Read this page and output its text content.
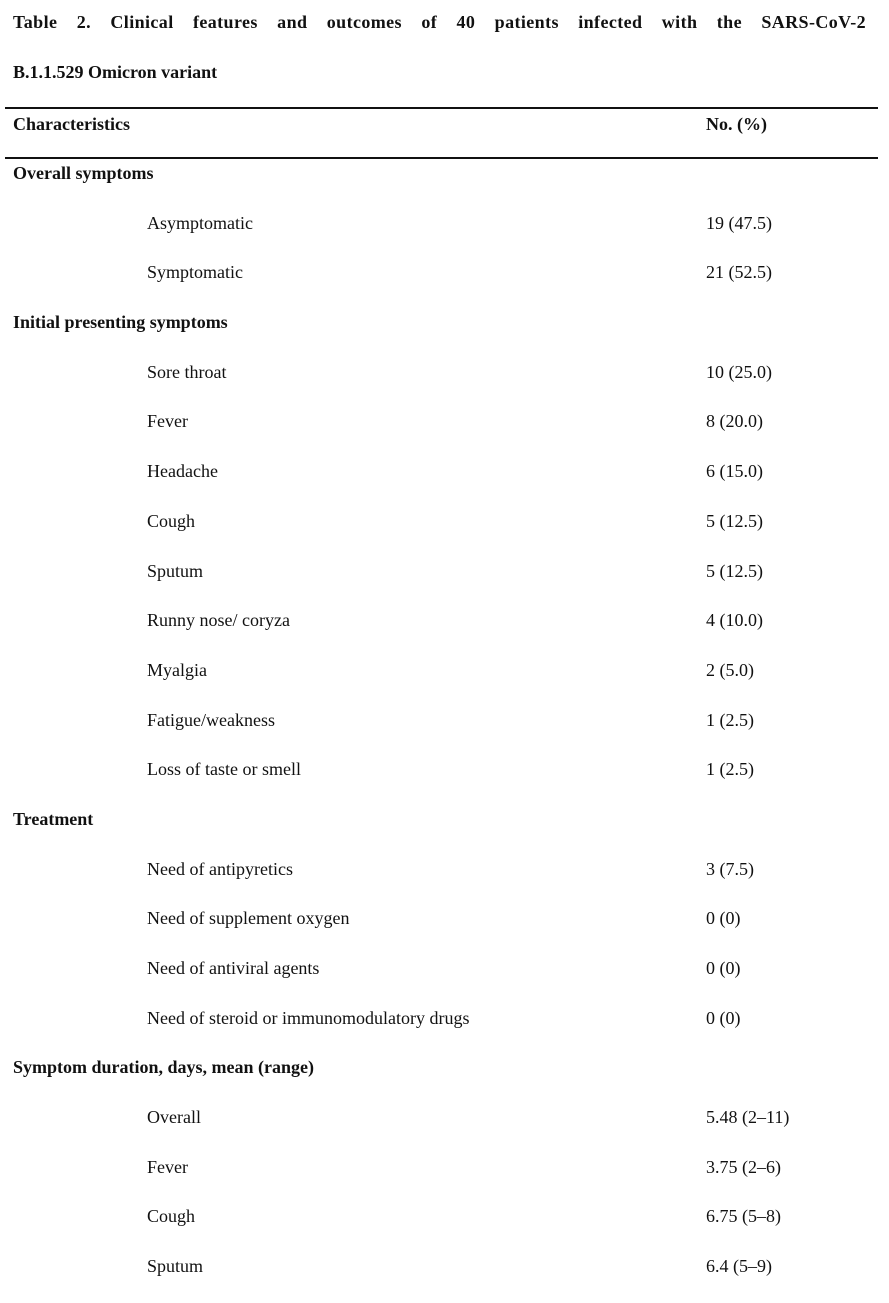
Table 2. Clinical features and outcomes of 40 patients infected with the SARS-CoV-2
B.1.1.529 Omicron variant
Characteristics	No. (%)
Overall symptoms
Asymptomatic	19 (47.5)
Symptomatic	21 (52.5)
Initial presenting symptoms
Sore throat	10 (25.0)
Fever	8 (20.0)
Headache	6 (15.0)
Cough	5 (12.5)
Sputum	5 (12.5)
Runny nose/ coryza	4 (10.0)
Myalgia	2 (5.0)
Fatigue/weakness	1 (2.5)
Loss of taste or smell	1 (2.5)
Treatment
Need of antipyretics	3 (7.5)
Need of supplement oxygen	0 (0)
Need of antiviral agents	0 (0)
Need of steroid or immunomodulatory drugs	0 (0)
Symptom duration, days, mean (range)
Overall	5.48 (2–11)
Fever	3.75 (2–6)
Cough	6.75 (5–8)
Sputum	6.4 (5–9)
